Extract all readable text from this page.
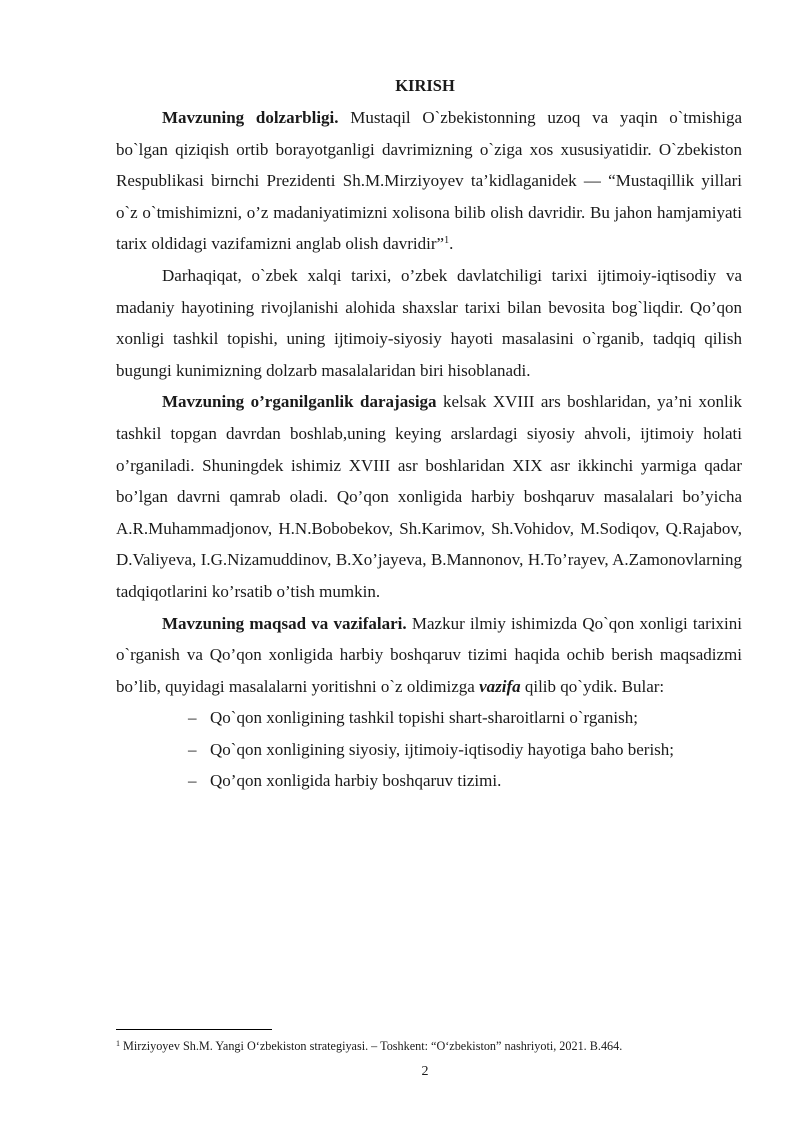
KIRISH

Mavzuning dolzarbligi. Mustaqil O`zbekistonning uzoq va yaqin o`tmishiga bo`lgan qiziqish ortib borayotganligi davrimizning o`ziga xos xususiyatidir. O`zbekiston Respublikasi birnchi Prezidenti Sh.M.Mirziyoyev ta’kidlaganidek — “Mustaqillik yillari o`z o`tmishimizni, o’z madaniyatimizni xolisona bilib olish davridir. Bu jahon hamjamiyati tarix oldidagi vazifamizni anglab olish davridir”$^1$.

Darhaqiqat, o`zbek xalqi tarixi, o’zbek davlatchiligi tarixi ijtimoiy-iqtisodiy va madaniy hayotining rivojlanishi alohida shaxslar tarixi bilan bevosita bog`liqdir. Qo’qon xonligi tashkil topishi, uning ijtimoiy-siyosiy hayoti masalasini o`rganib, tadqiq qilish bugungi kunimizning dolzarb masalalaridan biri hisoblanadi.

Mavzuning o’rganilganlik darajasiga kelsak XVIII ars boshlaridan, ya’ni xonlik tashkil topgan davrdan boshlab,uning keying arslardagi siyosiy ahvoli, ijtimoiy holati o’rganiladi. Shuningdek ishimiz XVIII asr boshlaridan XIX asr ikkinchi yarmiga qadar bo’lgan davrni qamrab oladi. Qo’qon xonligida harbiy boshqaruv masalalari bo’yicha A.R.Muhammadjonov, H.N.Bobobekov, Sh.Karimov, Sh.Vohidov, M.Sodiqov, Q.Rajabov, D.Valiyeva, I.G.Nizamuddinov, B.Xo’jayeva, B.Mannonov, H.To’rayev, A.Zamonovlarning tadqiqotlarini ko’rsatib o’tish mumkin.

Mavzuning maqsad va vazifalari. Mazkur ilmiy ishimizda Qo`qon xonligi tarixini o`rganish va Qo’qon xonligida harbiy boshqaruv tizimi haqida ochib berish maqsadizmi bo’lib, quyidagi masalalarni yoritishni o`z oldimizga vazifa qilib qo`ydik. Bular:

– Qo`qon xonligining tashkil topishi shart-sharoitlarni o`rganish;
– Qo`qon xonligining siyosiy, ijtimoiy-iqtisodiy hayotiga baho berish;
– Qo’qon xonligida harbiy boshqaruv tizimi.
$^1$ Mirziyoyev Sh.M. Yangi O‘zbekiston strategiyasi. – Toshkent: “O‘zbekiston” nashriyoti, 2021. B.464.
2
